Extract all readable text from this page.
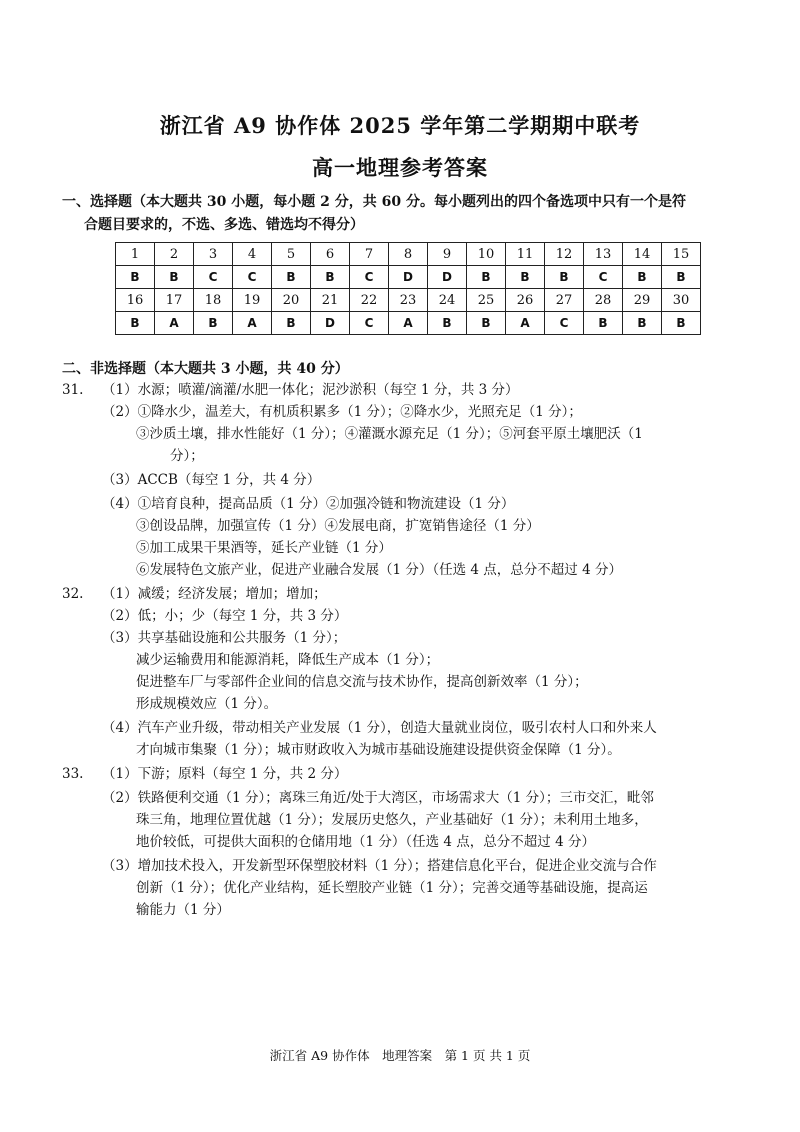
浙江省 A9 协作体 2025 学年第二学期期中联考
高一地理参考答案
一、选择题（本大题共 30 小题，每小题 2 分，共 60 分。每小题列出的四个备选项中只有一个是符
合题目要求的，不选、多选、错选均不得分）
1	2	3	4	5	6	7	8	9	10	11	12	13	14	15
B	B	C	C	B	B	C	D	D	B	B	B	C	B	B
16	17	18	19	20	21	22	23	24	25	26	27	28	29	30
B	A	B	A	B	D	C	A	B	B	A	C	B	B	B
二、非选择题（本大题共 3 小题，共 40 分）
31. （1）水源；喷灌/滴灌/水肥一体化；泥沙淤积（每空 1 分，共 3 分）
（2）①降水少，温差大，有机质积累多（1 分）；②降水少，光照充足（1 分）；
③沙质土壤，排水性能好（1 分）；④灌溉水源充足（1 分）；⑤河套平原土壤肥沃（1
分）；
（3）ACCB（每空 1 分，共 4 分）
（4）①培育良种，提高品质（1 分）②加强冷链和物流建设（1 分）
③创设品牌，加强宣传（1 分）④发展电商，扩宽销售途径（1 分）
⑤加工成果干果酒等，延长产业链（1 分）
⑥发展特色文旅产业，促进产业融合发展（1 分）（任选 4 点，总分不超过 4 分）
32. （1）减缓；经济发展；增加；增加；
（2）低；小；少（每空 1 分，共 3 分）
（3）共享基础设施和公共服务（1 分）；
减少运输费用和能源消耗，降低生产成本（1 分）；
促进整车厂与零部件企业间的信息交流与技术协作，提高创新效率（1 分）；
形成规模效应（1 分）。
（4）汽车产业升级，带动相关产业发展（1 分），创造大量就业岗位，吸引农村人口和外来人
才向城市集聚（1 分）；城市财政收入为城市基础设施建设提供资金保障（1 分）。
33. （1）下游；原料（每空 1 分，共 2 分）
（2）铁路便利交通（1 分）；离珠三角近/处于大湾区，市场需求大（1 分）；三市交汇，毗邻
珠三角，地理位置优越（1 分）；发展历史悠久，产业基础好（1 分）；未利用土地多，
地价较低，可提供大面积的仓储用地（1 分）（任选 4 点，总分不超过 4 分）
（3）增加技术投入，开发新型环保塑胶材料（1 分）；搭建信息化平台，促进企业交流与合作
创新（1 分）；优化产业结构，延长塑胶产业链（1 分）；完善交通等基础设施，提高运
输能力（1 分）
浙江省 A9 协作体　地理答案　第 1 页 共 1 页
